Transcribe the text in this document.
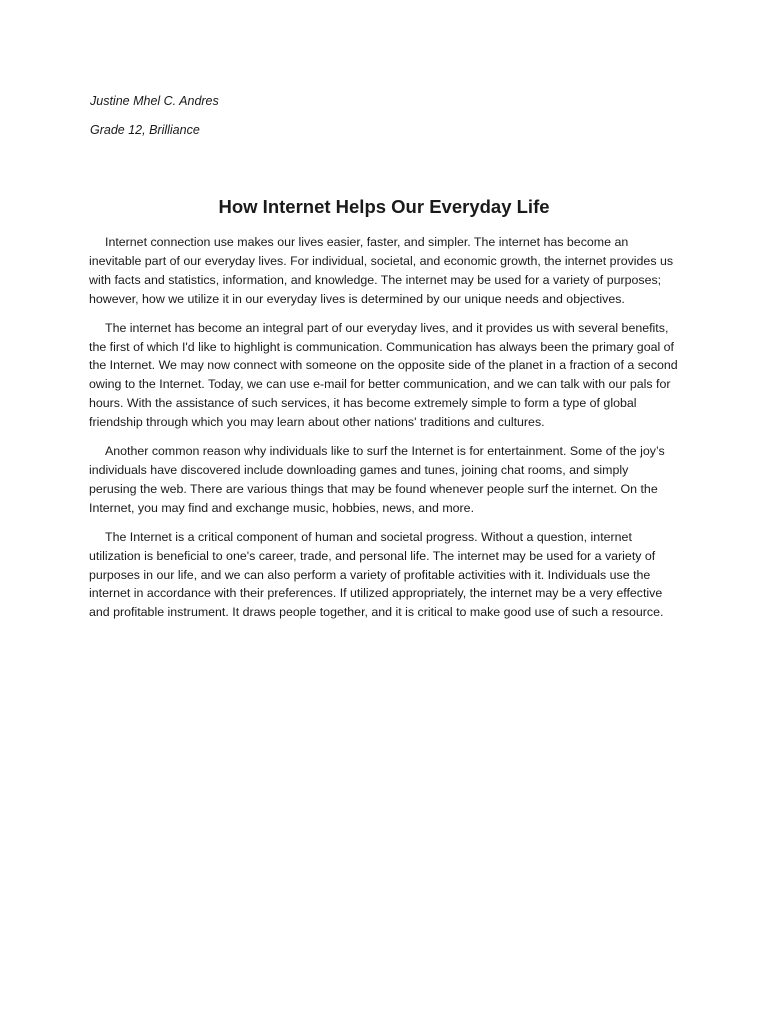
Justine Mhel C. Andres

Grade 12, Brilliance

How Internet Helps Our Everyday Life

Internet connection use makes our lives easier, faster, and simpler. The internet has become an inevitable part of our everyday lives. For individual, societal, and economic growth, the internet provides us with facts and statistics, information, and knowledge. The internet may be used for a variety of purposes; however, how we utilize it in our everyday lives is determined by our unique needs and objectives.

The internet has become an integral part of our everyday lives, and it provides us with several benefits, the first of which I'd like to highlight is communication. Communication has always been the primary goal of the Internet. We may now connect with someone on the opposite side of the planet in a fraction of a second owing to the Internet. Today, we can use e-mail for better communication, and we can talk with our pals for hours. With the assistance of such services, it has become extremely simple to form a type of global friendship through which you may learn about other nations' traditions and cultures.

Another common reason why individuals like to surf the Internet is for entertainment. Some of the joy’s individuals have discovered include downloading games and tunes, joining chat rooms, and simply perusing the web. There are various things that may be found whenever people surf the internet. On the Internet, you may find and exchange music, hobbies, news, and more.

The Internet is a critical component of human and societal progress. Without a question, internet utilization is beneficial to one's career, trade, and personal life. The internet may be used for a variety of purposes in our life, and we can also perform a variety of profitable activities with it. Individuals use the internet in accordance with their preferences. If utilized appropriately, the internet may be a very effective and profitable instrument. It draws people together, and it is critical to make good use of such a resource.
